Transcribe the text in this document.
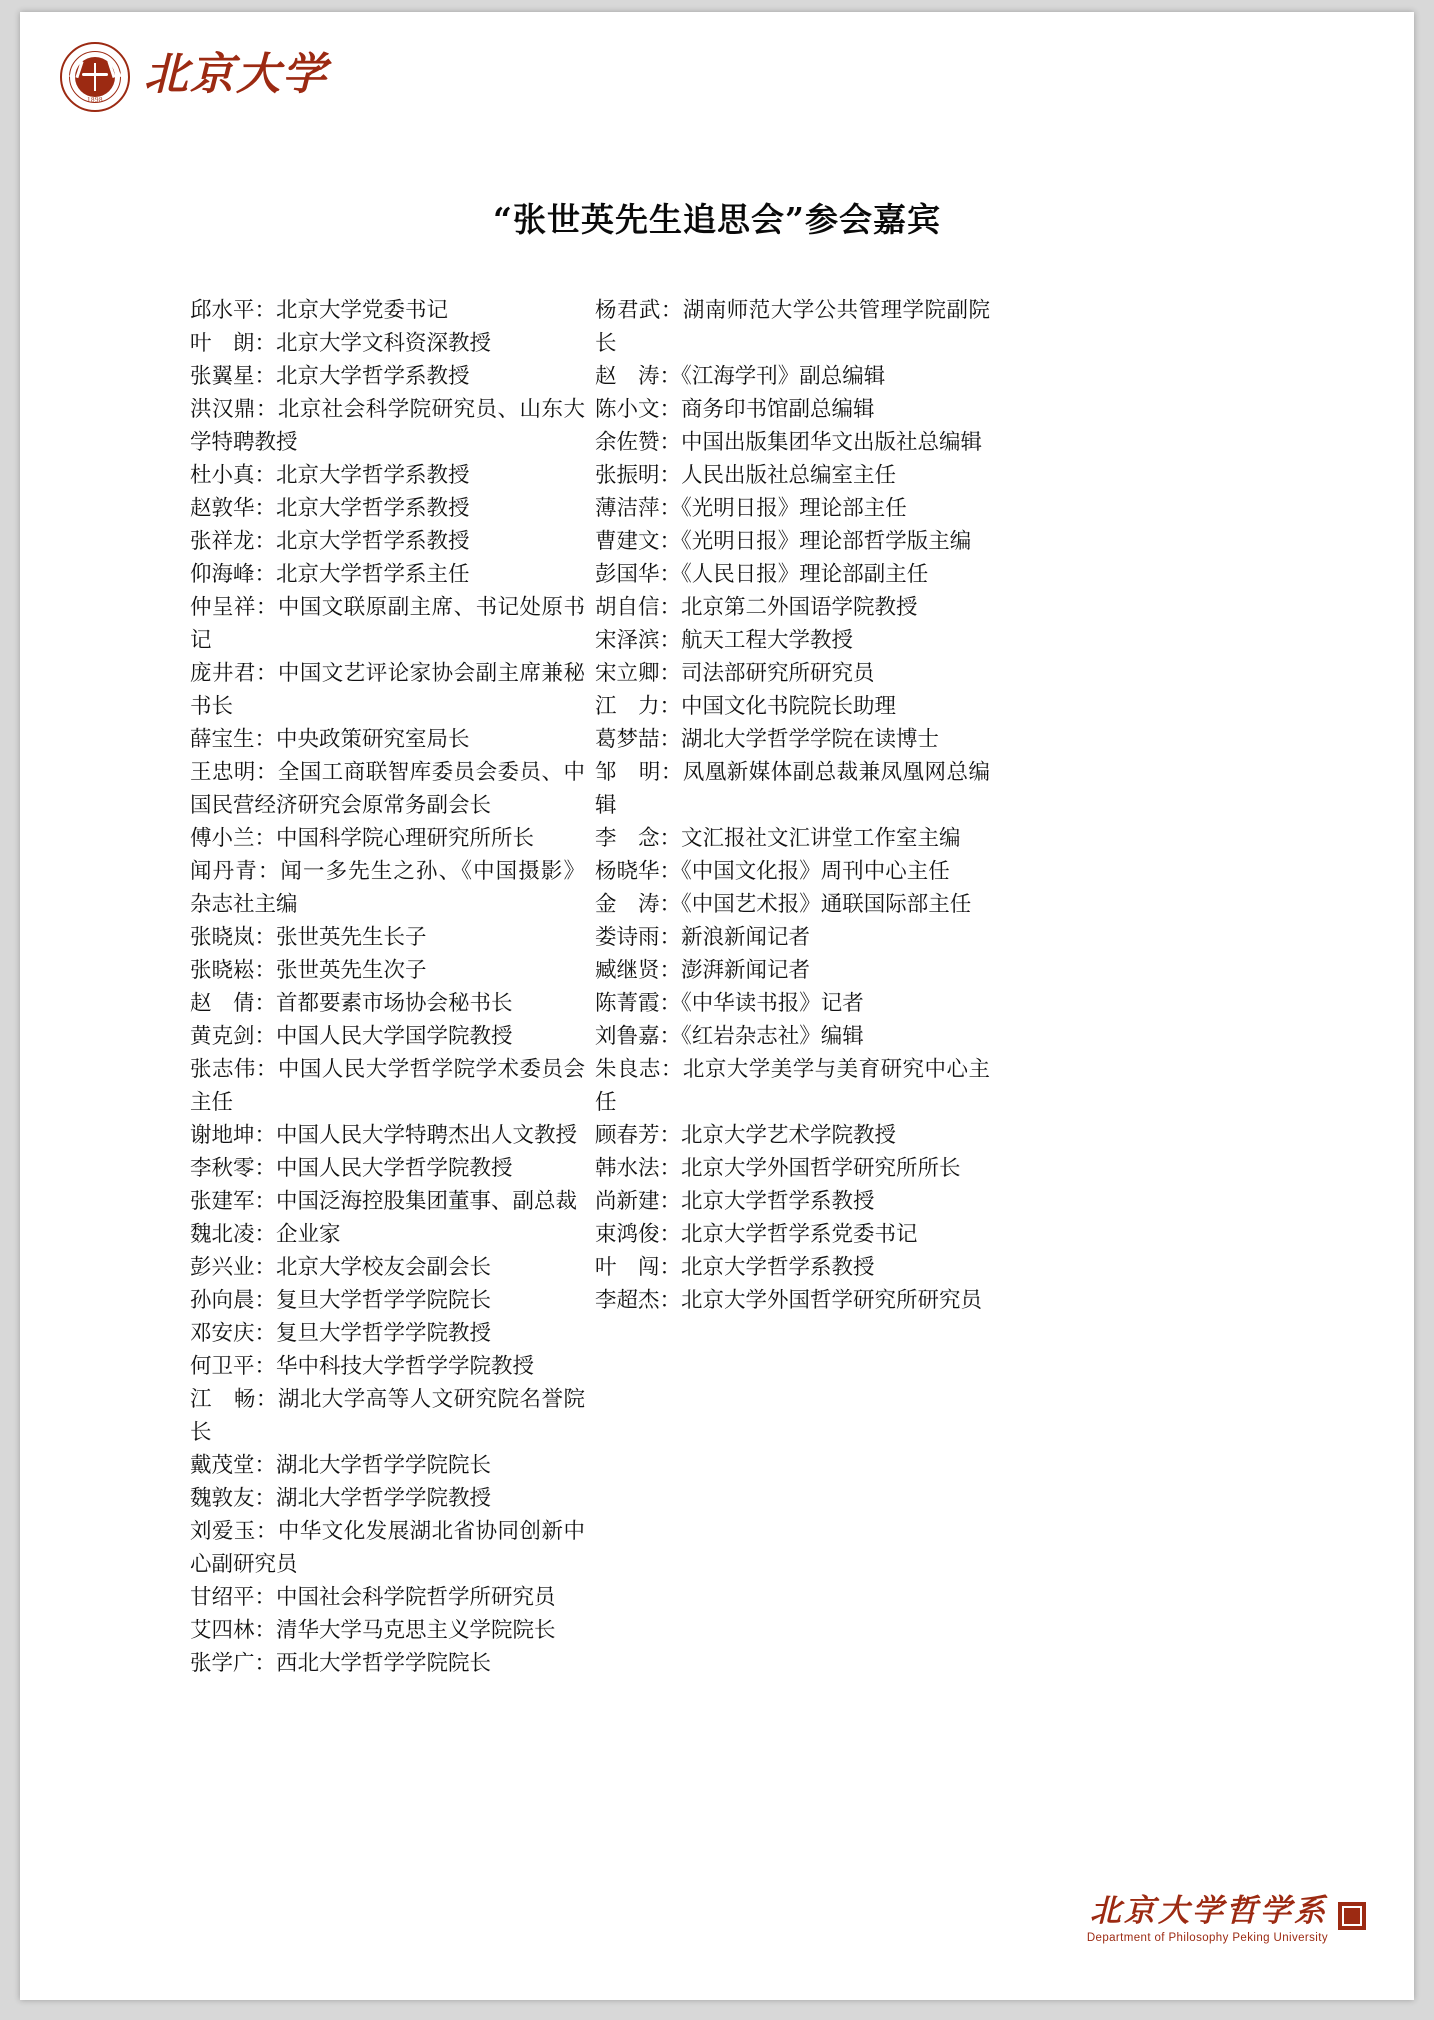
1898 北京大学
“张世英先生追思会”参会嘉宾
邱水平：北京大学党委书记
叶　朗：北京大学文科资深教授
张翼星：北京大学哲学系教授
洪汉鼎：北京社会科学院研究员、山东大学特聘教授
杜小真：北京大学哲学系教授
赵敦华：北京大学哲学系教授
张祥龙：北京大学哲学系教授
仰海峰：北京大学哲学系主任
仲呈祥：中国文联原副主席、书记处原书记
庞井君：中国文艺评论家协会副主席兼秘书长
薛宝生：中央政策研究室局长
王忠明：全国工商联智库委员会委员、中国民营经济研究会原常务副会长
傅小兰：中国科学院心理研究所所长
闻丹青：闻一多先生之孙、《中国摄影》杂志社主编
张晓岚：张世英先生长子
张晓崧：张世英先生次子
赵　倩：首都要素市场协会秘书长
黄克剑：中国人民大学国学院教授
张志伟：中国人民大学哲学院学术委员会主任
谢地坤：中国人民大学特聘杰出人文教授
李秋零：中国人民大学哲学院教授
张建军：中国泛海控股集团董事、副总裁
魏北凌：企业家
彭兴业：北京大学校友会副会长
孙向晨：复旦大学哲学学院院长
邓安庆：复旦大学哲学学院教授
何卫平：华中科技大学哲学学院教授
江　畅：湖北大学高等人文研究院名誉院长
戴茂堂：湖北大学哲学学院院长
魏敦友：湖北大学哲学学院教授
刘爱玉：中华文化发展湖北省协同创新中心副研究员
甘绍平：中国社会科学院哲学所研究员
艾四林：清华大学马克思主义学院院长
张学广：西北大学哲学学院院长
杨君武：湖南师范大学公共管理学院副院长
赵　涛：《江海学刊》副总编辑
陈小文：商务印书馆副总编辑
余佐赞：中国出版集团华文出版社总编辑
张振明：人民出版社总编室主任
薄洁萍：《光明日报》理论部主任
曹建文：《光明日报》理论部哲学版主编
彭国华：《人民日报》理论部副主任
胡自信：北京第二外国语学院教授
宋泽滨：航天工程大学教授
宋立卿：司法部研究所研究员
江　力：中国文化书院院长助理
葛梦喆：湖北大学哲学学院在读博士
邹　明：凤凰新媒体副总裁兼凤凰网总编辑
李　念：文汇报社文汇讲堂工作室主编
杨晓华：《中国文化报》周刊中心主任
金　涛：《中国艺术报》通联国际部主任
娄诗雨：新浪新闻记者
臧继贤：澎湃新闻记者
陈菁霞：《中华读书报》记者
刘鲁嘉：《红岩杂志社》编辑
朱良志：北京大学美学与美育研究中心主任
顾春芳：北京大学艺术学院教授
韩水法：北京大学外国哲学研究所所长
尚新建：北京大学哲学系教授
束鸿俊：北京大学哲学系党委书记
叶　闯：北京大学哲学系教授
李超杰：北京大学外国哲学研究所研究员
北京大学哲学系
Department of Philosophy Peking University
